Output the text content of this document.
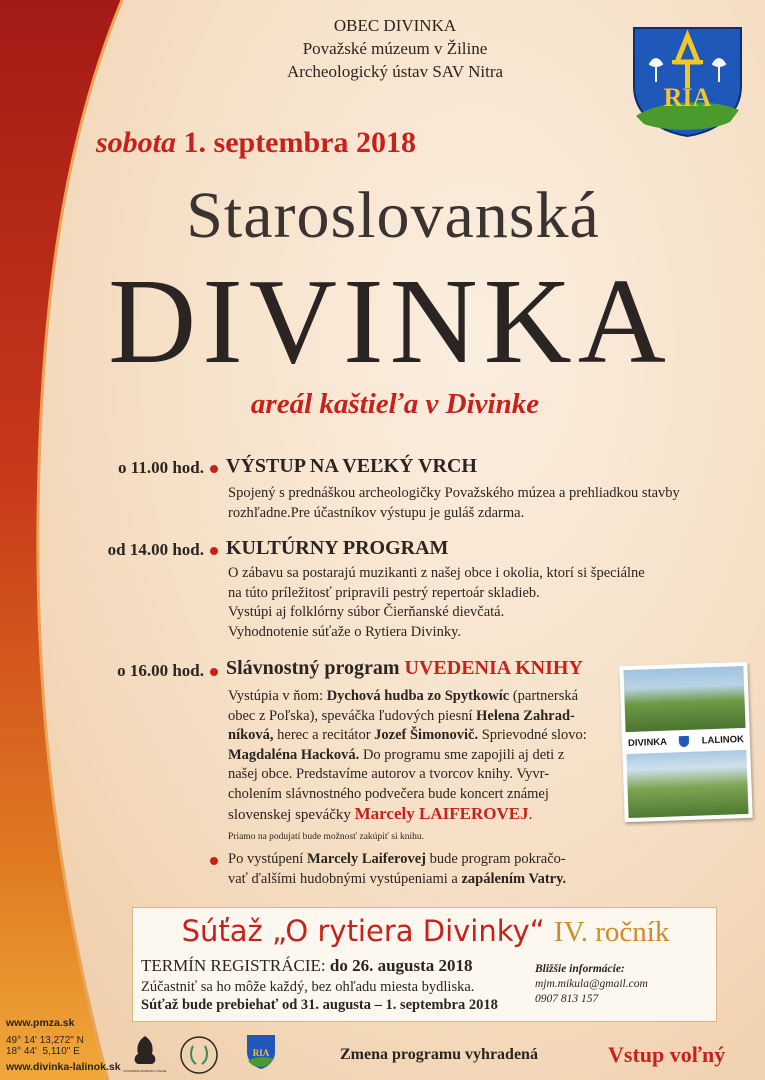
OBEC DIVINKA
Považské múzeum v Žiline
Archeologický ústav SAV Nitra
RIA
sobota 1. septembra 2018
Staroslovanská
DIVINKA
areál kaštieľa v Divinke
o 11.00 hod. VÝSTUP NA VEĽKÝ VRCH
Spojený s prednáškou archeologičky Považského múzea a prehliadkou stavby
rozhľadne.Pre účastníkov výstupu je guláš zdarma.
od 14.00 hod. KULTÚRNY PROGRAM
O zábavu sa postarajú muzikanti z našej obce i okolia, ktorí si špeciálne
na túto príležitosť pripravili pestrý repertoár skladieb.
Vystúpi aj folklórny súbor Čierňanské dievčatá.
Vyhodnotenie súťaže o Rytiera Divinky.
o 16.00 hod. Slávnostný program UVEDENIA KNIHY
Vystúpia v ňom: Dychová hudba zo Spytkowíc (partnerská
obec z Poľska), speváčka ľudových piesní Helena Zahrad-
níková, herec a recitátor Jozef Šimonovič. Sprievodné slovo:
Magdaléna Hacková. Do programu sme zapojili aj deti z
našej obce. Predstavíme autorov a tvorcov knihy. Vyvr-
cholením slávnostného podvečera bude koncert známej
slovenskej speváčky Marcely LAIFEROVEJ.
Priamo na podujatí bude možnosť zakúpiť si knihu.
Po vystúpení Marcely Laiferovej bude program pokračo-
vať ďalšími hudobnými vystúpeniami a zapálením Vatry.
DIVINKA	LALINOK
Súťaž „O rytiera Divinky“ IV. ročník
TERMÍN REGISTRÁCIE: do 26. augusta 2018
Zúčastniť sa ho môže každý, bez ohľadu miesta bydliska.
Súťaž bude prebiehať od 31. augusta – 1. septembra 2018
Bližšie informácie:
mjm.mikula@gmail.com
0907 813 157
www.pmza.sk
49° 14' 13,272" N
18° 44'  5,110" E
www.divinka-lalinok.sk POVAŽSKÉ MÚZEUM V ŽILINE
RIA	Zmena programu vyhradená	Vstup voľný
